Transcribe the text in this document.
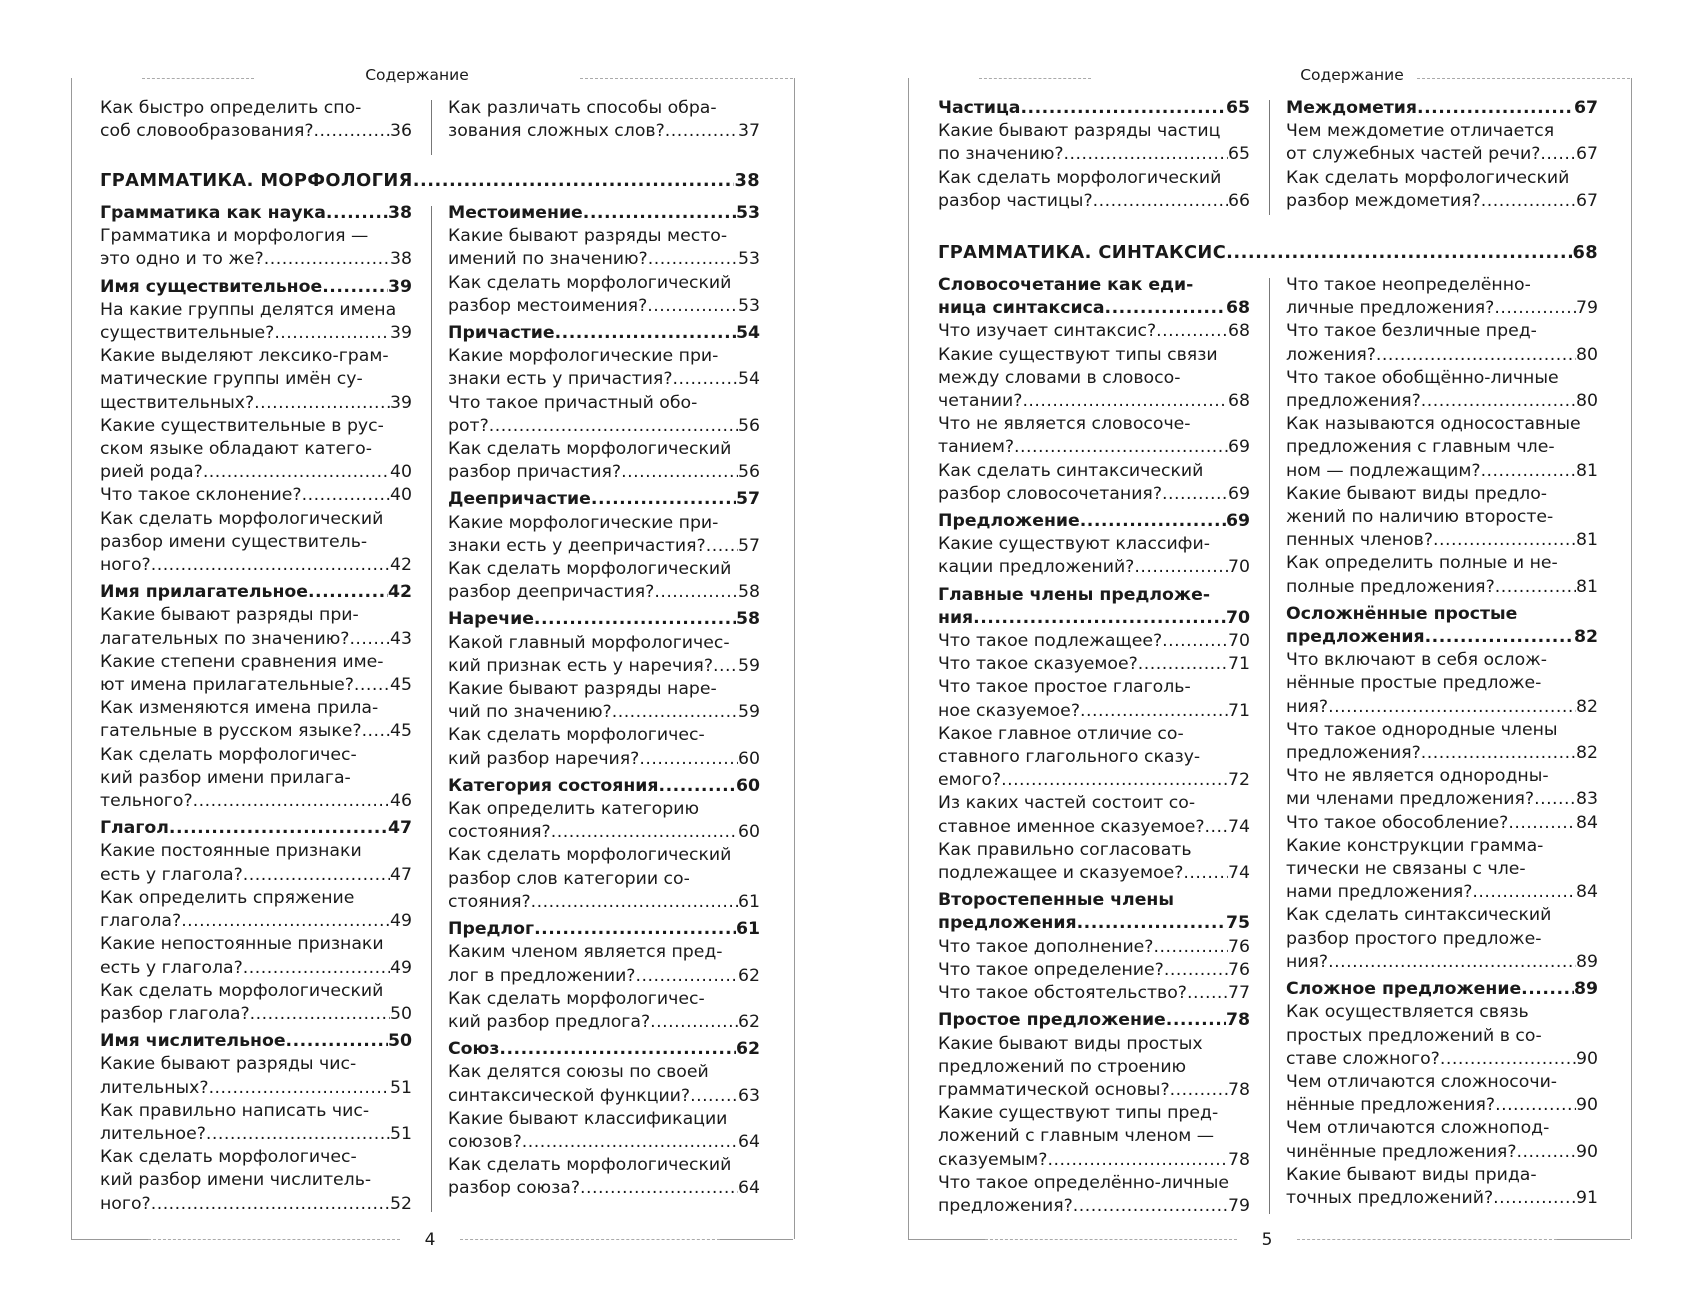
Содержание
Как быстро определить спо-
соб словообразования? .....	36
Как различать способы обра-
зования сложных слов? .....	37
ГРАММАТИКА. МОРФОЛОГИЯ .....	38
Грамматика как наука .....	38
Грамматика и морфология —
это одно и то же? .....	38
Имя существительное .....	39
На какие группы делятся имена
существительные? .....	39
Какие выделяют лексико-грам-
матические группы имён су-
ществительных? .....	39
Какие существительные в рус-
ском языке обладают катего-
рией рода? .....	40
Что такое склонение? .....	40
Как сделать морфологический
разбор имени существитель-
ного? .....	42
Имя прилагательное .....	42
Какие бывают разряды при-
лагательных по значению? ..... 43
Какие степени сравнения име-
ют имена прилагательные? ..... 45
Как изменяются имена прила-
гательные в русском языке? ..... 45
Как сделать морфологичес-
кий разбор имени прилага-
тельного? .....	46
Глагол .....	47
Какие постоянные признаки
есть у глагола? .....	47
Как определить спряжение
глагола? .....	49
Какие непостоянные признаки
есть у глагола? .....	49
Как сделать морфологический
разбор глагола? .....	50
Имя числительное .....	50
Какие бывают разряды чис-
лительных? .....	51
Как правильно написать чис-
лительное? .....	51
Как сделать морфологичес-
кий разбор имени числитель-
ного? .....	52
Местоимение .....	53
Какие бывают разряды место-
имений по значению? .....	53
Как сделать морфологический
разбор местоимения? .....	53
Причастие .....	54
Какие морфологические при-
знаки есть у причастия? .....	54
Что такое причастный обо-
рот? .....	56
Как сделать морфологический
разбор причастия? .....	56
Деепричастие .....	57
Какие морфологические при-
знаки есть у деепричастия? ..... 57
Как сделать морфологический
разбор деепричастия? .....	58
Наречие .....	58
Какой главный морфологичес-
кий признак есть у наречия? ..... 59
Какие бывают разряды наре-
чий по значению? .....	59
Как сделать морфологичес-
кий разбор наречия? .....	60
Категория состояния .....	60
Как определить категорию
состояния? .....	60
Как сделать морфологический
разбор слов категории со-
стояния? .....	61
Предлог .....	61
Каким членом является пред-
лог в предложении? .....	62
Как сделать морфологичес-
кий разбор предлога? .....	62
Союз .....	62
Как делятся союзы по своей
синтаксической функции? .....	63
Какие бывают классификации
союзов? .....	64
Как сделать морфологический
разбор союза? .....	64
4
Содержание
Частица .....	65
Какие бывают разряды частиц
по значению? .....	65
Как сделать морфологический
разбор частицы? .....	66
Междометия .....	67
Чем междометие отличается
от служебных частей речи? ..... 67
Как сделать морфологический
разбор междометия? .....	67
ГРАММАТИКА. СИНТАКСИС .....	68
Словосочетание как еди-
ница синтаксиса .....	68
Что изучает синтаксис? .....	68
Какие существуют типы связи
между словами в словосо-
четании? .....	68
Что не является словосоче-
танием? .....	69
Как сделать синтаксический
разбор словосочетания? .....	69
Предложение .....	69
Какие существуют классифи-
кации предложений? .....	70
Главные члены предложе-
ния .....	70
Что такое подлежащее? .....	70
Что такое сказуемое? .....	71
Что такое простое глаголь-
ное сказуемое? .....	71
Какое главное отличие со-
ставного глагольного сказу-
емого? .....	72
Из каких частей состоит со-
ставное именное сказуемое? ..... 74
Как правильно согласовать
подлежащее и сказуемое? .....	74
Второстепенные члены
предложения .....	75
Что такое дополнение? .....	76
Что такое определение? .....	76
Что такое обстоятельство? ..... 77
Простое предложение .....	78
Какие бывают виды простых
предложений по строению
грамматической основы? .....	78
Какие существуют типы пред-
ложений с главным членом —
сказуемым? .....	78
Что такое определённо-личные
предложения? .....	79
Что такое неопределённо-
личные предложения? .....	79
Что такое безличные пред-
ложения? .....	80
Что такое обобщённо-личные
предложения? .....	80
Как называются односоставные
предложения с главным чле-
ном — подлежащим? .....	81
Какие бывают виды предло-
жений по наличию второсте-
пенных членов? .....	81
Как определить полные и не-
полные предложения? .....	81
Осложнённые простые
предложения .....	82
Что включают в себя ослож-
нённые простые предложе-
ния? .....	82
Что такое однородные члены
предложения? .....	82
Что не является однородны-
ми членами предложения? ..... 83
Что такое обособление? .....	84
Какие конструкции грамма-
тически не связаны с чле-
нами предложения? .....	84
Как сделать синтаксический
разбор простого предложе-
ния? .....	89
Сложное предложение .....	89
Как осуществляется связь
простых предложений в со-
ставе сложного? .....	90
Чем отличаются сложносочи-
нённые предложения? .....	90
Чем отличаются сложнопод-
чинённые предложения? .....	90
Какие бывают виды прида-
точных предложений? .....	91
5
